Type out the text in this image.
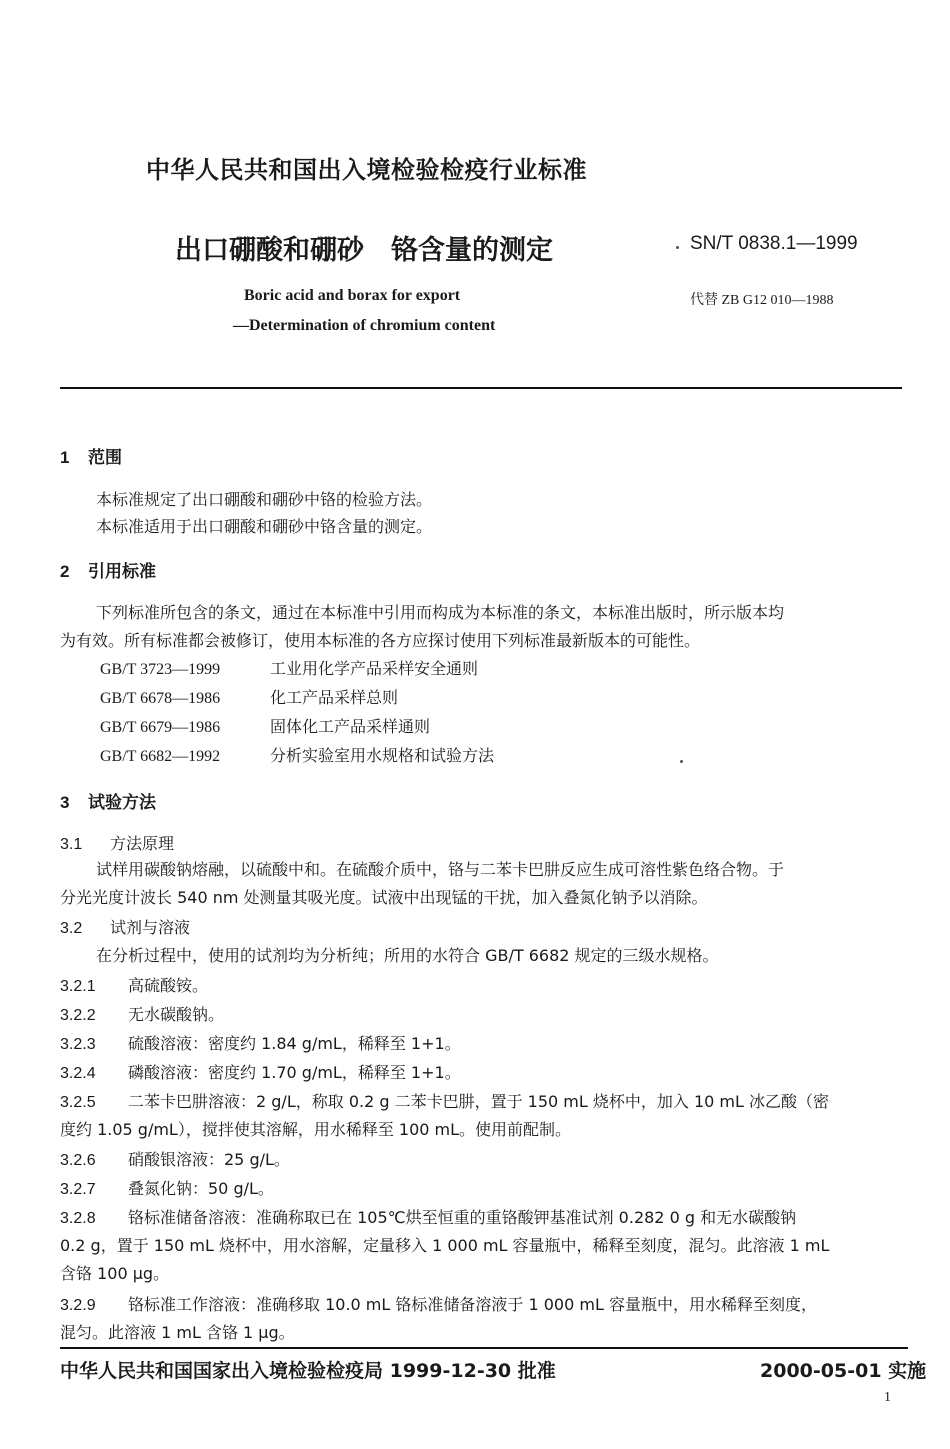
中华人民共和国出入境检验检疫行业标准
出口硼酸和硼砂　铬含量的测定	SN/T 0838.1—1999
Boric acid and borax for export
—Determination of chromium content
代替 ZB G12 010—1988
1 范围
本标准规定了出口硼酸和硼砂中铬的检验方法。
本标准适用于出口硼酸和硼砂中铬含量的测定。
2 引用标准
下列标准所包含的条文，通过在本标准中引用而构成为本标准的条文，本标准出版时，所示版本均
为有效。所有标准都会被修订，使用本标准的各方应探讨使用下列标准最新版本的可能性。
GB/T 3723—1999	工业用化学产品采样安全通则
GB/T 6678—1986	化工产品采样总则
GB/T 6679—1986	固体化工产品采样通则
GB/T 6682—1992	分析实验室用水规格和试验方法
3 试验方法
3.1 方法原理
试样用碳酸钠熔融，以硫酸中和。在硫酸介质中，铬与二苯卡巴肼反应生成可溶性紫色络合物。于
分光光度计波长 540 nm 处测量其吸光度。试液中出现锰的干扰，加入叠氮化钠予以消除。
3.2 试剂与溶液
在分析过程中，使用的试剂均为分析纯；所用的水符合 GB/T 6682 规定的三级水规格。
3.2.1 高硫酸铵。
3.2.2 无水碳酸钠。
3.2.3 硫酸溶液：密度约 1.84 g/mL，稀释至 1+1。
3.2.4 磷酸溶液：密度约 1.70 g/mL，稀释至 1+1。
3.2.5 二苯卡巴肼溶液：2 g/L，称取 0.2 g 二苯卡巴肼，置于 150 mL 烧杯中，加入 10 mL 冰乙酸（密
度约 1.05 g/mL），搅拌使其溶解，用水稀释至 100 mL。使用前配制。
3.2.6 硝酸银溶液：25 g/L。
3.2.7 叠氮化钠：50 g/L。
3.2.8 铬标准储备溶液：准确称取已在 105℃烘至恒重的重铬酸钾基准试剂 0.282 0 g 和无水碳酸钠
0.2 g，置于 150 mL 烧杯中，用水溶解，定量移入 1 000 mL 容量瓶中，稀释至刻度，混匀。此溶液 1 mL
含铬 100 μg。
3.2.9 铬标准工作溶液：准确移取 10.0 mL 铬标准储备溶液于 1 000 mL 容量瓶中，用水稀释至刻度，
混匀。此溶液 1 mL 含铬 1 μg。
中华人民共和国国家出入境检验检疫局 1999-12-30 批准	2000-05-01 实施
1
